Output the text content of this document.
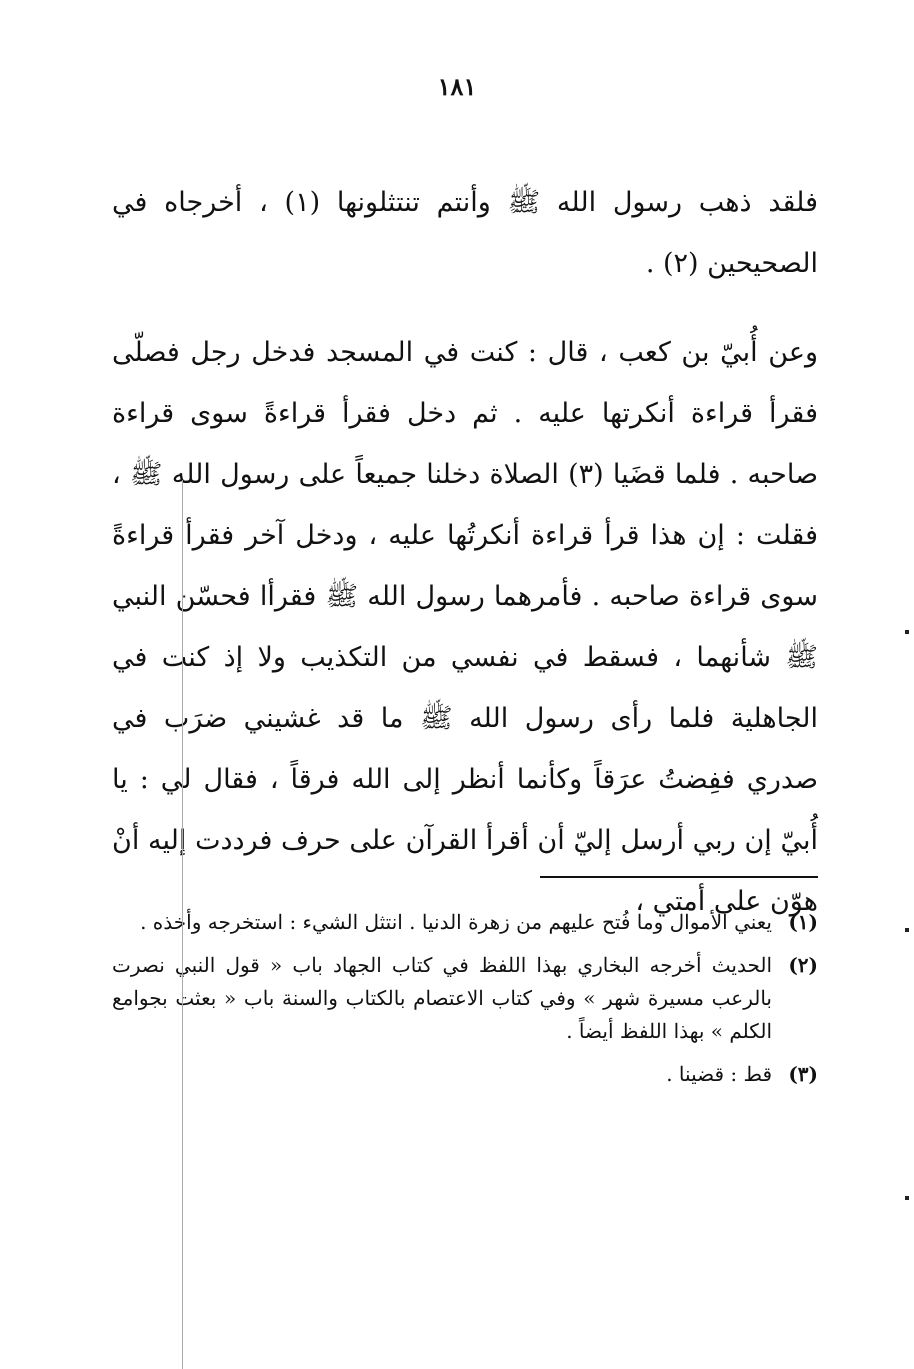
١٨١

فلقد ذهب رسول الله ﷺ وأنتم تنتثلونها (١) ، أخرجاه في الصحيحين (٢) .

وعن أُبيّ بن كعب ، قال : كنت في المسجد فدخل رجل فصلّى فقرأ قراءة أنكرتها عليه . ثم دخل فقرأ قراءةً سوى قراءة صاحبه . فلما قضَيا (٣) الصلاة دخلنا جميعاً على رسول الله ﷺ ، فقلت : إن هذا قرأ قراءة أنكرتُها عليه ، ودخل آخر فقرأ قراءةً سوى قراءة صاحبه . فأمرهما رسول الله ﷺ فقرأا فحسّن النبي ﷺ شأنهما ، فسقط في نفسي من التكذيب ولا إذ كنت في الجاهلية فلما رأى رسول الله ﷺ ما قد غشيني ضرَب في صدري ففِضتُ عرَقاً وكأنما أنظر إلى الله فرقاً ، فقال لي : يا أُبيّ إن ربي أرسل إليّ أن أقرأ القرآن على حرف فرددت إليه أنْ هوّن على أمتي ،

(١)
يعني الأموال وما فُتح عليهم من زهرة الدنيا . انتثل الشيء : استخرجه وأخذه .
(٢)
الحديث أخرجه البخاري بهذا اللفظ في كتاب الجهاد باب « قول النبي نصرت بالرعب مسيرة شهر » وفي كتاب الاعتصام بالكتاب والسنة باب « بعثت بجوامع الكلم » بهذا اللفظ أيضاً .
(٣)
قط : قضينا .
